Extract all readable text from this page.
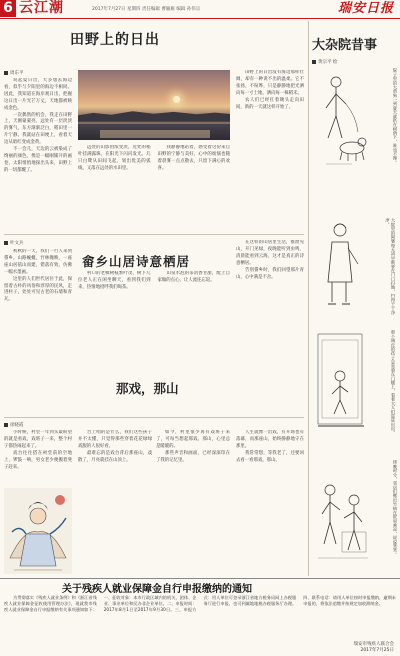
6 云江潮	2017年7月27日 星期四 责任编辑 曹颖雁 编辑 孙伟宗	瑞安日报
田野上的日出
周东平

说起夏日出，大多想去海边看，似乎与夕阳里的海边不相同。因此，我知道在海岸观日出，把握这日出一片光芒万丈，天地都被映成金色。

一次偶然的机会，我走在田野上，天刚蒙蒙亮，远处有一层淡淡的雾气，东方渐渐泛白，稻田里一片宁静。我就站在田埂上，看着天边从暗红变成金黄。

不一会儿，天边的云被染成了绚丽的颜色，像是一幅刚铺开的画卷，太阳悄悄地探出头来，田野上的一切都醒了。

远处的山影由浓变淡，近处的稻叶挂满露珠，在阳光下闪闪发光。几只白鹭从田间飞起，划出优美的弧线，又落在远处的水田里。

我静静地站着，感受着这份来自田野的宁静与美好，心中的烦恼也随着晨雾一点点散去，只留下满心的欢喜。

田野上的日出没有海边那样壮阔，却有一种说不出的温柔。它不张扬，不喧哗，只是静静地把光洒向每一寸土地，洒向每一株稻禾。

农人们已经扛着锄头走向田间，新的一天就这样开始了。

畲乡山居诗意栖居
叶文兵

初秋的一天，我们一行人来到畲乡，山路蜿蜒，竹林掩映，一座座山居依山而建，错落有致，仿佛一幅水墨画。

这里的人们世代居住于此，保留着古朴的风俗和淳厚的民风，走进村子，处处可见古老的石墙和青瓦。

村口的老樟树枝繁叶茂，树下几位老人正在闲坐聊天，看到我们到来，热情地招呼我们喝茶。

山泉水泡的茶清香甘甜，配上自家做的点心，让人流连忘返。

在这样的山居里生活，推窗见山，开门见绿，夜晚能听到虫鸣，清晨能看到云海，这才是真正的诗意栖居。

告别畲乡时，我们回望那片青山，心中满是不舍。

那戏，那山
徐晓霞

小时候，村里一年到头最盼望的就是看戏，戏班子一来，整个村子都热闹起来了。

戏台往往搭在祠堂前的空地上，锣鼓一响，男女老少便搬着凳子赶来。

台上唱的是什么，我们这些孩子并不太懂，只觉得那些穿着花花绿绿戏服的人很好看。

最难忘的是戏台背后那座山，戏散了，月亮就挂在山顶上。

如今，村里很少再有戏班子来了，可每当想起那戏、那山，心里总是暖暖的。

那些声音和画面，已经深深印在了我的记忆里。

人生就像一出戏，有开场也有落幕，而那座山，始终静静地守在那里。

我常常想，等我老了，还要回去看一看那戏，那山。

大杂院昔事
黄宗平 绘
院子里的大黄狗一到夏天就趴在树荫下，谁也不理。
大院里的阿婆每天清早都要在门口扫地，扫得干干净净。
那个调皮的孩子总是骑在门槛上，看着大人们进进出出。
傍晚时分，邻居们搬出竹椅在院里乘凉，说说笑笑。
关于残疾人就业保障金自行申报缴纳的通知

为贯彻落实《残疾人就业条例》和《浙江省残疾人就业保障金征收使用管理办法》，现就我市残疾人就业保障金自行申报缴纳有关事项通知如下：一、征收对象：本市行政区域内的机关、团体、企业、事业单位和民办非企业单位。二、申报时间：2017年8月1日至2017年9月30日。三、申报方式：用人单位可登录浙江省地方税务局网上办税服务厅进行申报，也可到属地地税办税服务厅办理。四、联系电话：请用人单位按时申报缴纳，逾期未申报的，将依法追缴并按规定加收滞纳金。

瑞安市残疾人联合会
2017年7月25日
